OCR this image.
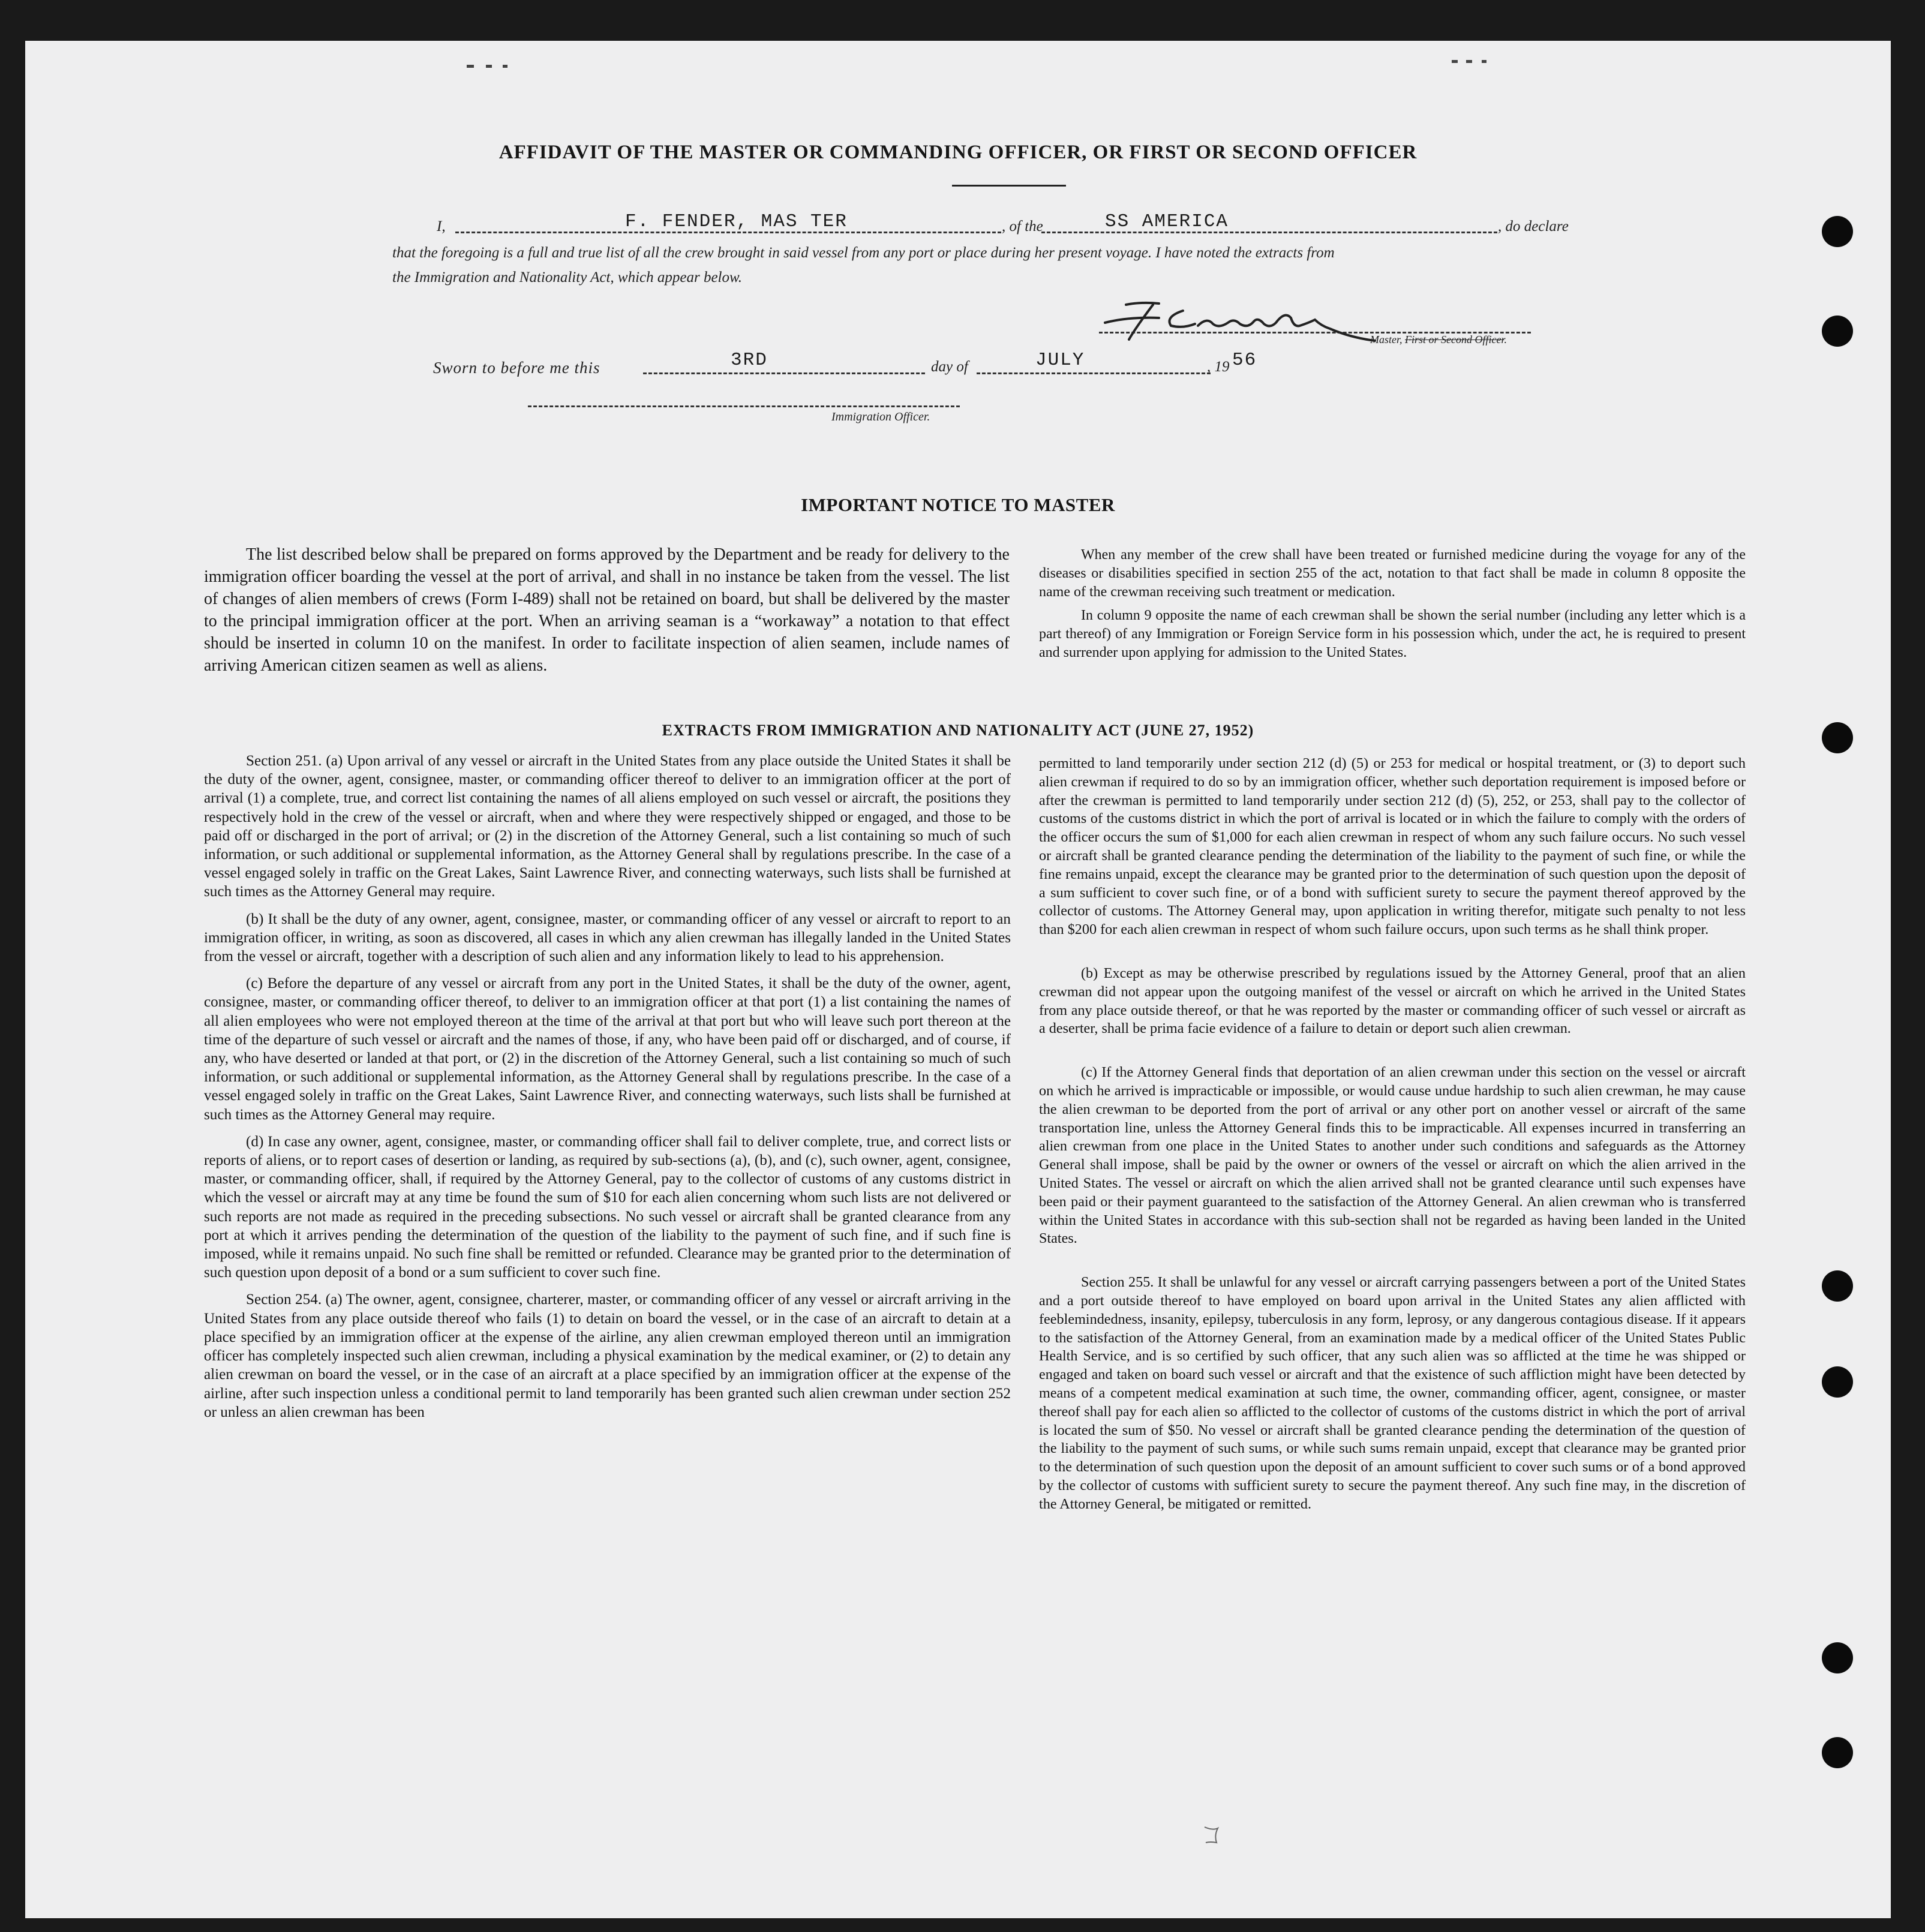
AFFIDAVIT OF THE MASTER OR COMMANDING OFFICER, OR FIRST OR SECOND OFFICER
I,	F. FENDER, MAS TER	, of the	SS AMERICA	, do declare
that the foregoing is a full and true list of all the crew brought in said vessel from any port or place during her present voyage. I have noted the extracts from
the Immigration and Nationality Act, which appear below.
Master, First or Second Officer.
Sworn to before me this	3RD	day of	JULY	, 19 56
Immigration Officer.
IMPORTANT NOTICE TO MASTER

The list described below shall be prepared on forms approved by the Department and be ready for delivery to the immigration officer boarding the vessel at the port of arrival, and shall in no instance be taken from the vessel. The list of changes of alien members of crews (Form I-489) shall not be retained on board, but shall be delivered by the master to the principal immigration officer at the port. When an arriving seaman is a “workaway” a notation to that effect should be inserted in column 10 on the manifest. In order to facilitate inspection of alien seamen, include names of arriving American citizen seamen as well as aliens.

When any member of the crew shall have been treated or furnished medicine during the voyage for any of the diseases or disabilities specified in section 255 of the act, notation to that fact shall be made in column 8 opposite the name of the crewman receiving such treatment or medication.

In column 9 opposite the name of each crewman shall be shown the serial number (including any letter which is a part thereof) of any Immigration or Foreign Service form in his possession which, under the act, he is required to present and surrender upon applying for admission to the United States.

EXTRACTS FROM IMMIGRATION AND NATIONALITY ACT (JUNE 27, 1952)

Section 251. (a) Upon arrival of any vessel or aircraft in the United States from any place outside the United States it shall be the duty of the owner, agent, consignee, master, or commanding officer thereof to deliver to an immigration officer at the port of arrival (1) a complete, true, and correct list containing the names of all aliens employed on such vessel or aircraft, the positions they respectively hold in the crew of the vessel or aircraft, when and where they were respectively shipped or engaged, and those to be paid off or discharged in the port of arrival; or (2) in the discretion of the Attorney General, such a list containing so much of such information, or such additional or supplemental information, as the Attorney General shall by regulations prescribe. In the case of a vessel engaged solely in traffic on the Great Lakes, Saint Lawrence River, and connecting waterways, such lists shall be furnished at such times as the Attorney General may require.

(b) It shall be the duty of any owner, agent, consignee, master, or commanding officer of any vessel or aircraft to report to an immigration officer, in writing, as soon as discovered, all cases in which any alien crewman has illegally landed in the United States from the vessel or aircraft, together with a description of such alien and any information likely to lead to his apprehension.

(c) Before the departure of any vessel or aircraft from any port in the United States, it shall be the duty of the owner, agent, consignee, master, or commanding officer thereof, to deliver to an immigration officer at that port (1) a list containing the names of all alien employees who were not employed thereon at the time of the arrival at that port but who will leave such port thereon at the time of the departure of such vessel or aircraft and the names of those, if any, who have been paid off or discharged, and of course, if any, who have deserted or landed at that port, or (2) in the discretion of the Attorney General, such a list containing so much of such information, or such additional or supplemental information, as the Attorney General shall by regulations prescribe. In the case of a vessel engaged solely in traffic on the Great Lakes, Saint Lawrence River, and connecting waterways, such lists shall be furnished at such times as the Attorney General may require.

(d) In case any owner, agent, consignee, master, or commanding officer shall fail to deliver complete, true, and correct lists or reports of aliens, or to report cases of desertion or landing, as required by sub-sections (a), (b), and (c), such owner, agent, consignee, master, or commanding officer, shall, if required by the Attorney General, pay to the collector of customs of any customs district in which the vessel or aircraft may at any time be found the sum of $10 for each alien concerning whom such lists are not delivered or such reports are not made as required in the preceding subsections. No such vessel or aircraft shall be granted clearance from any port at which it arrives pending the determination of the question of the liability to the payment of such fine, and if such fine is imposed, while it remains unpaid. No such fine shall be remitted or refunded. Clearance may be granted prior to the determination of such question upon deposit of a bond or a sum sufficient to cover such fine.

Section 254. (a) The owner, agent, consignee, charterer, master, or commanding officer of any vessel or aircraft arriving in the United States from any place outside thereof who fails (1) to detain on board the vessel, or in the case of an aircraft to detain at a place specified by an immigration officer at the expense of the airline, any alien crewman employed thereon until an immigration officer has completely inspected such alien crewman, including a physical examination by the medical examiner, or (2) to detain any alien crewman on board the vessel, or in the case of an aircraft at a place specified by an immigration officer at the expense of the airline, after such inspection unless a conditional permit to land temporarily has been granted such alien crewman under section 252 or unless an alien crewman has been

permitted to land temporarily under section 212 (d) (5) or 253 for medical or hospital treatment, or (3) to deport such alien crewman if required to do so by an immigration officer, whether such deportation requirement is imposed before or after the crewman is permitted to land temporarily under section 212 (d) (5), 252, or 253, shall pay to the collector of customs of the customs district in which the port of arrival is located or in which the failure to comply with the orders of the officer occurs the sum of $1,000 for each alien crewman in respect of whom any such failure occurs. No such vessel or aircraft shall be granted clearance pending the determination of the liability to the payment of such fine, or while the fine remains unpaid, except the clearance may be granted prior to the determination of such question upon the deposit of a sum sufficient to cover such fine, or of a bond with sufficient surety to secure the payment thereof approved by the collector of customs. The Attorney General may, upon application in writing therefor, mitigate such penalty to not less than $200 for each alien crewman in respect of whom such failure occurs, upon such terms as he shall think proper.

(b) Except as may be otherwise prescribed by regulations issued by the Attorney General, proof that an alien crewman did not appear upon the outgoing manifest of the vessel or aircraft on which he arrived in the United States from any place outside thereof, or that he was reported by the master or commanding officer of such vessel or aircraft as a deserter, shall be prima facie evidence of a failure to detain or deport such alien crewman.

(c) If the Attorney General finds that deportation of an alien crewman under this section on the vessel or aircraft on which he arrived is impracticable or impossible, or would cause undue hardship to such alien crewman, he may cause the alien crewman to be deported from the port of arrival or any other port on another vessel or aircraft of the same transportation line, unless the Attorney General finds this to be impracticable. All expenses incurred in transferring an alien crewman from one place in the United States to another under such conditions and safeguards as the Attorney General shall impose, shall be paid by the owner or owners of the vessel or aircraft on which the alien arrived in the United States. The vessel or aircraft on which the alien arrived shall not be granted clearance until such expenses have been paid or their payment guaranteed to the satisfaction of the Attorney General. An alien crewman who is transferred within the United States in accordance with this sub-section shall not be regarded as having been landed in the United States.

Section 255. It shall be unlawful for any vessel or aircraft carrying passengers between a port of the United States and a port outside thereof to have employed on board upon arrival in the United States any alien afflicted with feeblemindedness, insanity, epilepsy, tuberculosis in any form, leprosy, or any dangerous contagious disease. If it appears to the satisfaction of the Attorney General, from an examination made by a medical officer of the United States Public Health Service, and is so certified by such officer, that any such alien was so afflicted at the time he was shipped or engaged and taken on board such vessel or aircraft and that the existence of such affliction might have been detected by means of a competent medical examination at such time, the owner, commanding officer, agent, consignee, or master thereof shall pay for each alien so afflicted to the collector of customs of the customs district in which the port of arrival is located the sum of $50. No vessel or aircraft shall be granted clearance pending the determination of the question of the liability to the payment of such sums, or while such sums remain unpaid, except that clearance may be granted prior to the determination of such question upon the deposit of an amount sufficient to cover such sums or of a bond approved by the collector of customs with sufficient surety to secure the payment thereof. Any such fine may, in the discretion of the Attorney General, be mitigated or remitted.
